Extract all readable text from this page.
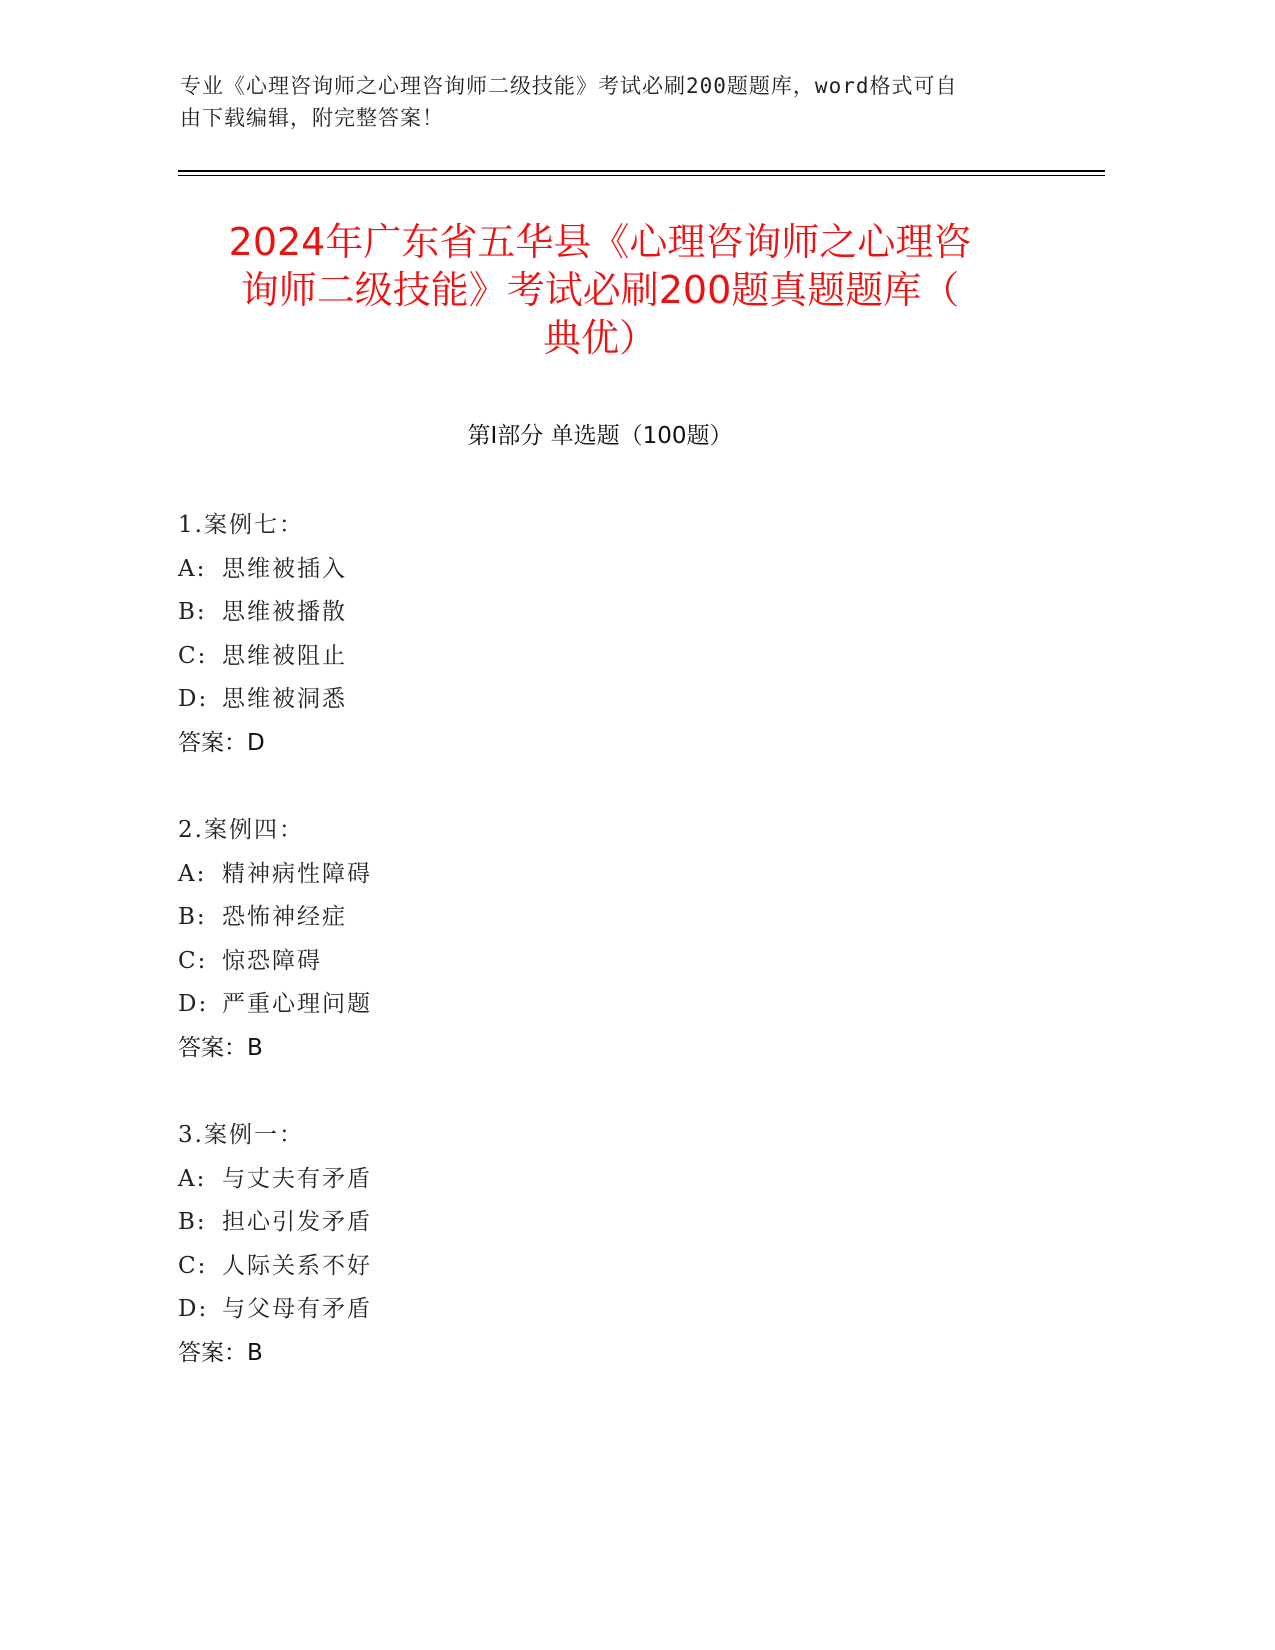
专业《心理咨询师之心理咨询师二级技能》考试必刷200题题库，word格式可自
由下载编辑，附完整答案！
2024年广东省五华县《心理咨询师之心理咨
询师二级技能》考试必刷200题真题题库（
典优）
第Ⅰ部分 单选题（100题）
1.案例七：
A: 思维被插入
B: 思维被播散
C: 思维被阻止
D: 思维被洞悉
答案：D
2.案例四：
A: 精神病性障碍
B: 恐怖神经症
C: 惊恐障碍
D: 严重心理问题
答案：B
3.案例一：
A: 与丈夫有矛盾
B: 担心引发矛盾
C: 人际关系不好
D: 与父母有矛盾
答案：B
